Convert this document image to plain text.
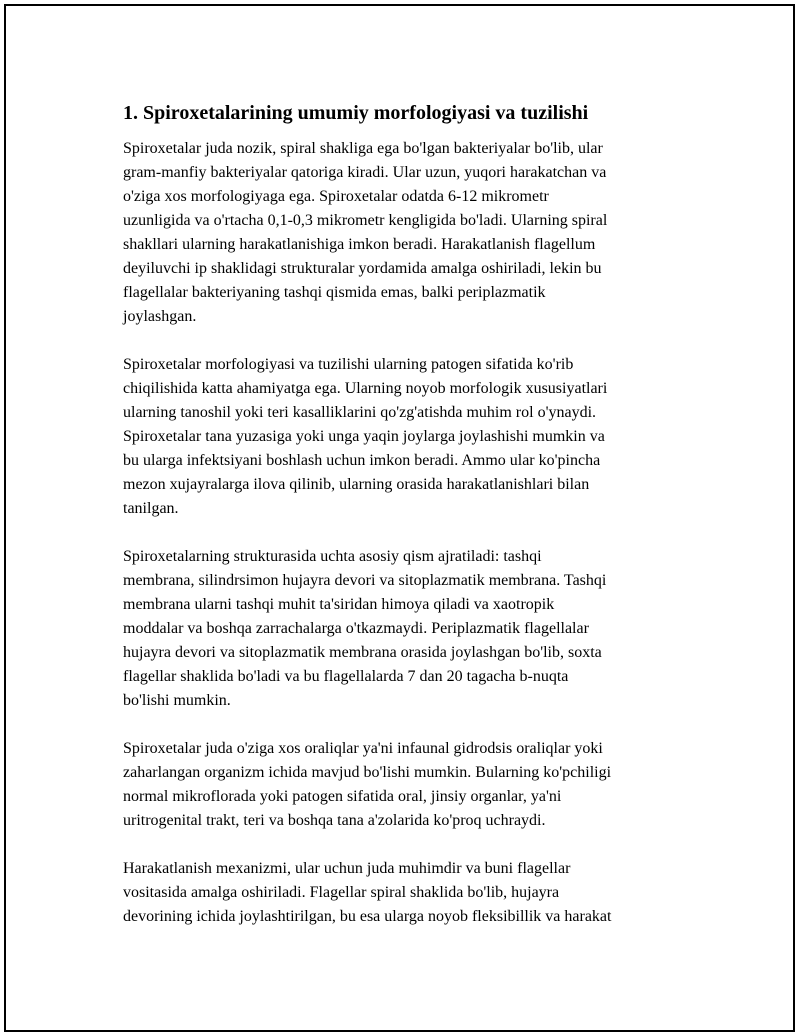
1. Spiroxetalarining umumiy morfologiyasi va tuzilishi

Spiroxetalar juda nozik, spiral shakliga ega bo'lgan bakteriyalar bo'lib, ular
gram-manfiy bakteriyalar qatoriga kiradi. Ular uzun, yuqori harakatchan va
o'ziga xos morfologiyaga ega. Spiroxetalar odatda 6-12 mikrometr
uzunligida va o'rtacha 0,1-0,3 mikrometr kengligida bo'ladi. Ularning spiral
shakllari ularning harakatlanishiga imkon beradi. Harakatlanish flagellum
deyiluvchi ip shaklidagi strukturalar yordamida amalga oshiriladi, lekin bu
flagellalar bakteriyaning tashqi qismida emas, balki periplazmatik
joylashgan.

Spiroxetalar morfologiyasi va tuzilishi ularning patogen sifatida ko'rib
chiqilishida katta ahamiyatga ega. Ularning noyob morfologik xususiyatlari
ularning tanoshil yoki teri kasalliklarini qo'zg'atishda muhim rol o'ynaydi.
Spiroxetalar tana yuzasiga yoki unga yaqin joylarga joylashishi mumkin va
bu ularga infektsiyani boshlash uchun imkon beradi. Ammo ular ko'pincha
mezon xujayralarga ilova qilinib, ularning orasida harakatlanishlari bilan
tanilgan.

Spiroxetalarning strukturasida uchta asosiy qism ajratiladi: tashqi
membrana, silindrsimon hujayra devori va sitoplazmatik membrana. Tashqi
membrana ularni tashqi muhit ta'siridan himoya qiladi va xaotropik
moddalar va boshqa zarrachalarga o'tkazmaydi. Periplazmatik flagellalar
hujayra devori va sitoplazmatik membrana orasida joylashgan bo'lib, soxta
flagellar shaklida bo'ladi va bu flagellalarda 7 dan 20 tagacha b-nuqta
bo'lishi mumkin.

Spiroxetalar juda o'ziga xos oraliqlar ya'ni infaunal gidrodsis oraliqlar yoki
zaharlangan organizm ichida mavjud bo'lishi mumkin. Bularning ko'pchiligi
normal mikroflorada yoki patogen sifatida oral, jinsiy organlar, ya'ni
uritrogenital trakt, teri va boshqa tana a'zolarida ko'proq uchraydi.

Harakatlanish mexanizmi, ular uchun juda muhimdir va buni flagellar
vositasida amalga oshiriladi. Flagellar spiral shaklida bo'lib, hujayra
devorining ichida joylashtirilgan, bu esa ularga noyob fleksibillik va harakat
